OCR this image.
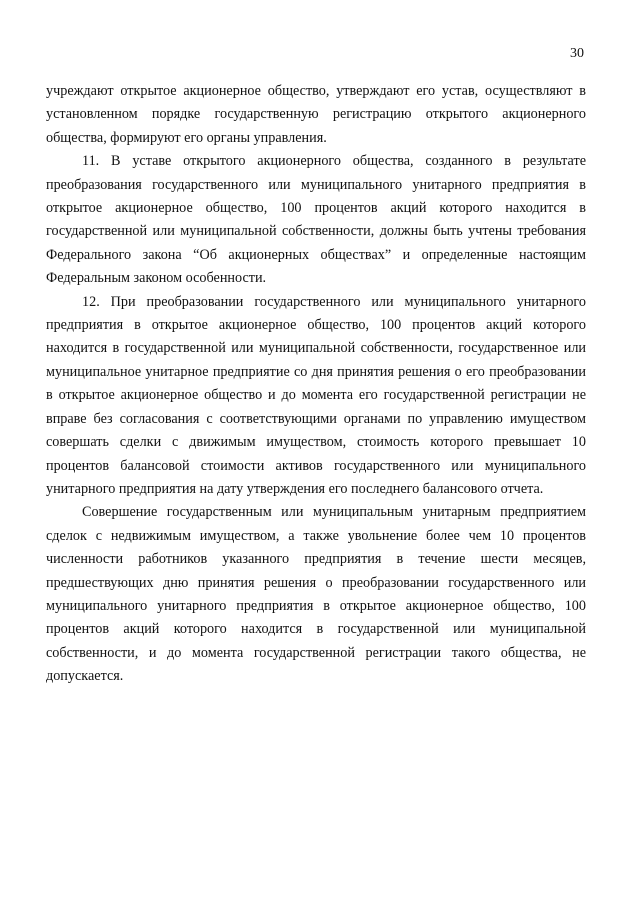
30

учреждают открытое акционерное общество, утверждают его устав, осуществляют в установленном порядке государственную регистрацию открытого акционерного общества, формируют его органы управления.

11. В уставе открытого акционерного общества, созданного в результате преобразования государственного или муниципального унитарного предприятия в открытое акционерное общество, 100 процентов акций которого находится в государственной или муниципальной собственности, должны быть учтены требования Федерального закона “Об акционерных обществах” и определенные настоящим Федеральным законом особенности.

12. При преобразовании государственного или муниципального унитарного предприятия в открытое акционерное общество, 100 процентов акций которого находится в государственной или муниципальной собственности, государственное или муниципальное унитарное предприятие со дня принятия решения о его преобразовании в открытое акционерное общество и до момента его государственной регистрации не вправе без согласования с соответствующими органами по управлению имуществом совершать сделки с движимым имуществом, стоимость которого превышает 10 процентов балансовой стоимости активов государственного или муниципального унитарного предприятия на дату утверждения его последнего балансового отчета.

Совершение государственным или муниципальным унитарным предприятием сделок с недвижимым имуществом, а также увольнение более чем 10 процентов численности работников указанного предприятия в течение шести месяцев, предшествующих дню принятия решения о преобразовании государственного или муниципального унитарного предприятия в открытое акционерное общество, 100 процентов акций которого находится в государственной или муниципальной собственности, и до момента государственной регистрации такого общества, не допускается.
